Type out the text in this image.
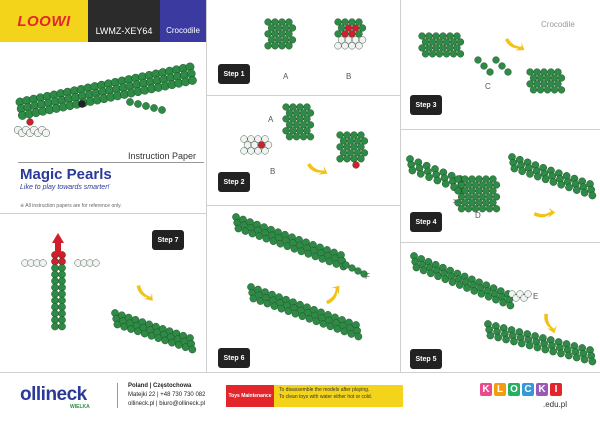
LOOWI
LWMZ-XEY64 Crocodile
Crocodile
Instruction Paper
Magic Pearls
Like to play towards smarter!
※ All instruction papers are for reference only.
Step 1	A	B
Step 2
A
B
Step 6
F
Step 7
Step 3
C
Step 4
D
3+1
Step 5
E
ollineck
WIELKA
Poland | Częstochowa
Matejki 22 | +48 730 730 082
ollineck.pl | biuro@ollineck.pl
Toys Maintenance
To disassemble the models after playing.
To clean toys with water either hot or cold.
K L O C K I
.edu.pl
